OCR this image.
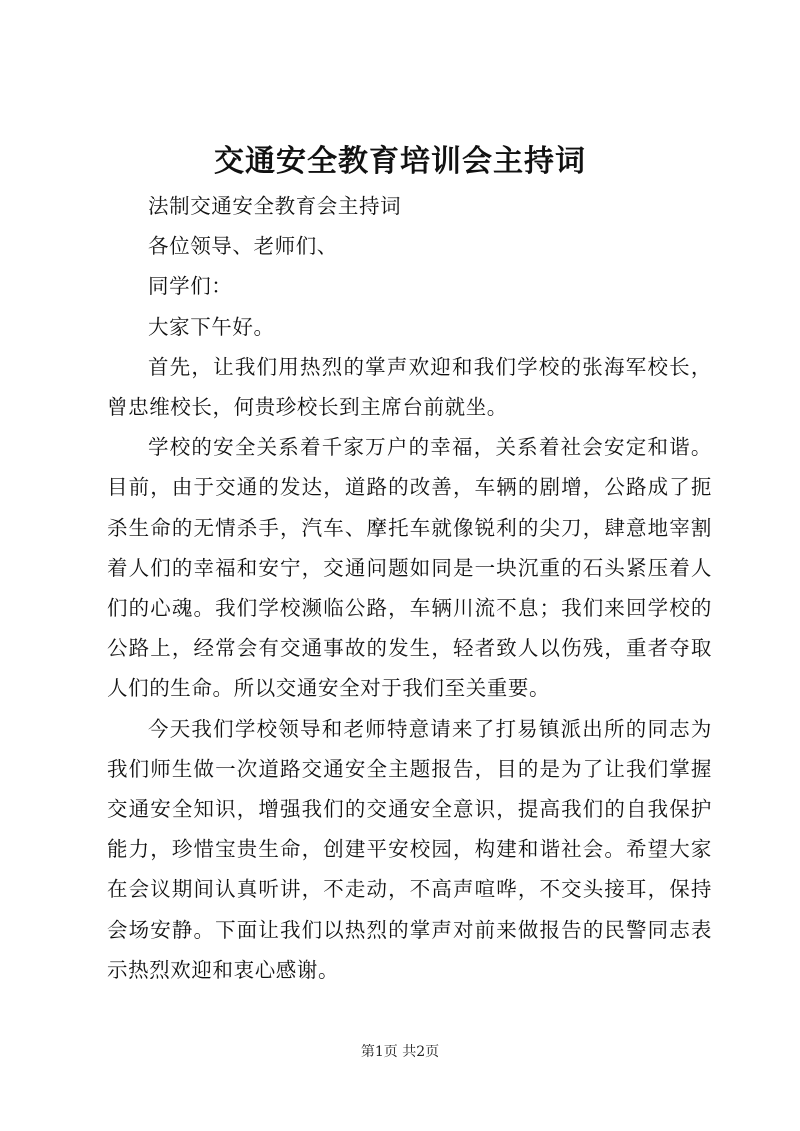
交通安全教育培训会主持词

法制交通安全教育会主持词

各位领导、老师们、

同学们：

大家下午好。

首先，让我们用热烈的掌声欢迎和我们学校的张海军校长，曾忠维校长，何贵珍校长到主席台前就坐。

学校的安全关系着千家万户的幸福，关系着社会安定和谐。目前，由于交通的发达，道路的改善，车辆的剧增，公路成了扼杀生命的无情杀手，汽车、摩托车就像锐利的尖刀，肆意地宰割着人们的幸福和安宁，交通问题如同是一块沉重的石头紧压着人们的心魂。我们学校濒临公路，车辆川流不息；我们来回学校的公路上，经常会有交通事故的发生，轻者致人以伤残，重者夺取人们的生命。所以交通安全对于我们至关重要。

今天我们学校领导和老师特意请来了打易镇派出所的同志为我们师生做一次道路交通安全主题报告，目的是为了让我们掌握交通安全知识，增强我们的交通安全意识，提高我们的自我保护能力，珍惜宝贵生命，创建平安校园，构建和谐社会。希望大家在会议期间认真听讲，不走动，不高声喧哗，不交头接耳，保持会场安静。下面让我们以热烈的掌声对前来做报告的民警同志表示热烈欢迎和衷心感谢。

第1页 共2页
